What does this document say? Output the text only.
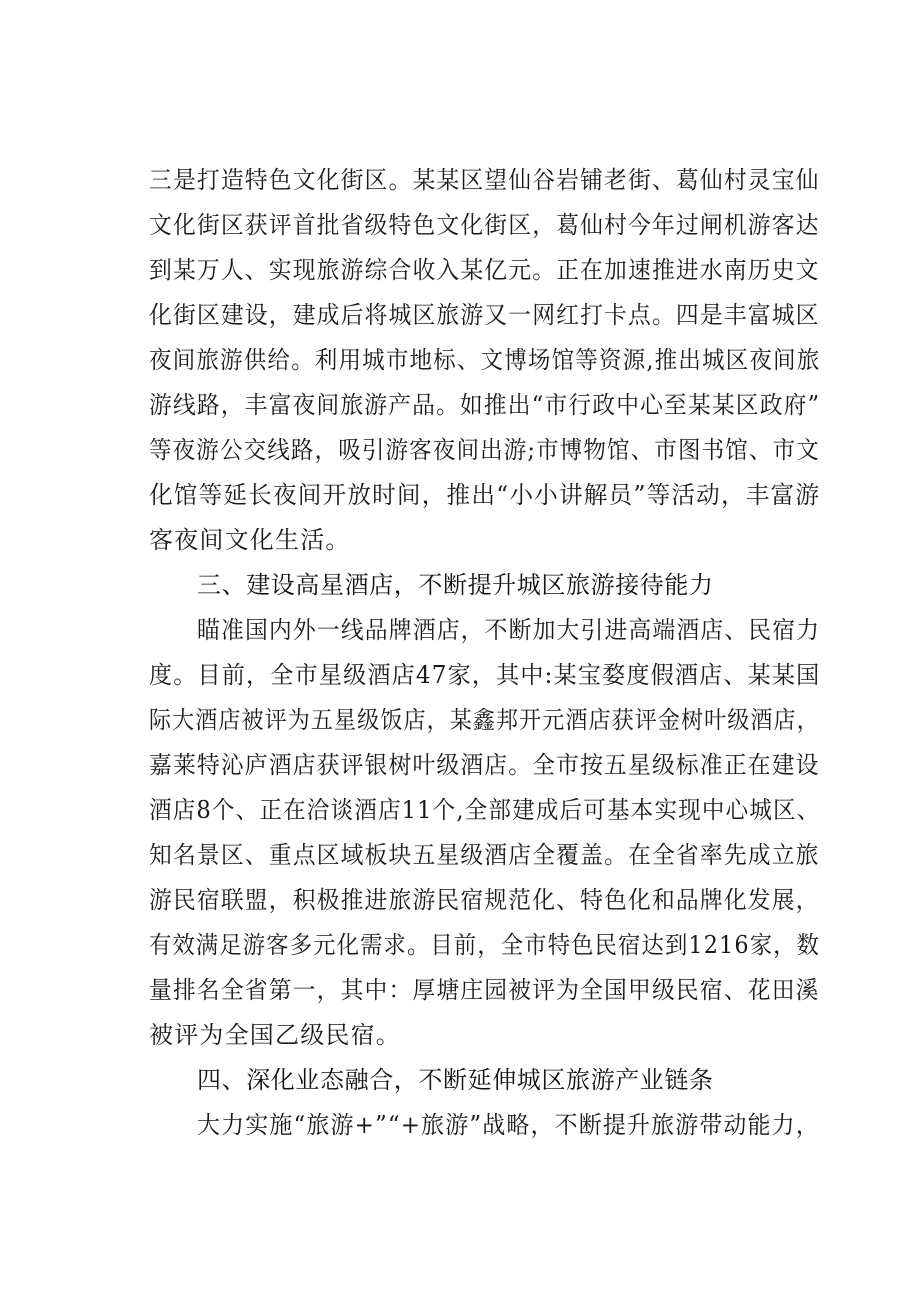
三是打造特色文化街区。某某区望仙谷岩铺老街、葛仙村灵宝仙
文化街区获评首批省级特色文化街区，葛仙村今年过闸机游客达
到某万人、实现旅游综合收入某亿元。正在加速推进水南历史文
化街区建设，建成后将城区旅游又一网红打卡点。四是丰富城区
夜间旅游供给。利用城市地标、文博场馆等资源,推出城区夜间旅
游线路，丰富夜间旅游产品。如推出“市行政中心至某某区政府”
等夜游公交线路，吸引游客夜间出游;市博物馆、市图书馆、市文
化馆等延长夜间开放时间，推出“小小讲解员”等活动，丰富游
客夜间文化生活。
三、建设高星酒店，不断提升城区旅游接待能力
瞄准国内外一线品牌酒店，不断加大引进高端酒店、民宿力
度。目前，全市星级酒店47家，其中:某宝婺度假酒店、某某国
际大酒店被评为五星级饭店，某鑫邦开元酒店获评金树叶级酒店，
嘉莱特沁庐酒店获评银树叶级酒店。全市按五星级标准正在建设
酒店8个、正在洽谈酒店11个,全部建成后可基本实现中心城区、
知名景区、重点区域板块五星级酒店全覆盖。在全省率先成立旅
游民宿联盟，积极推进旅游民宿规范化、特色化和品牌化发展，
有效满足游客多元化需求。目前，全市特色民宿达到1216家，数
量排名全省第一，其中：厚塘庄园被评为全国甲级民宿、花田溪
被评为全国乙级民宿。
四、深化业态融合，不断延伸城区旅游产业链条
大力实施“旅游+”“+旅游”战略，不断提升旅游带动能力，
